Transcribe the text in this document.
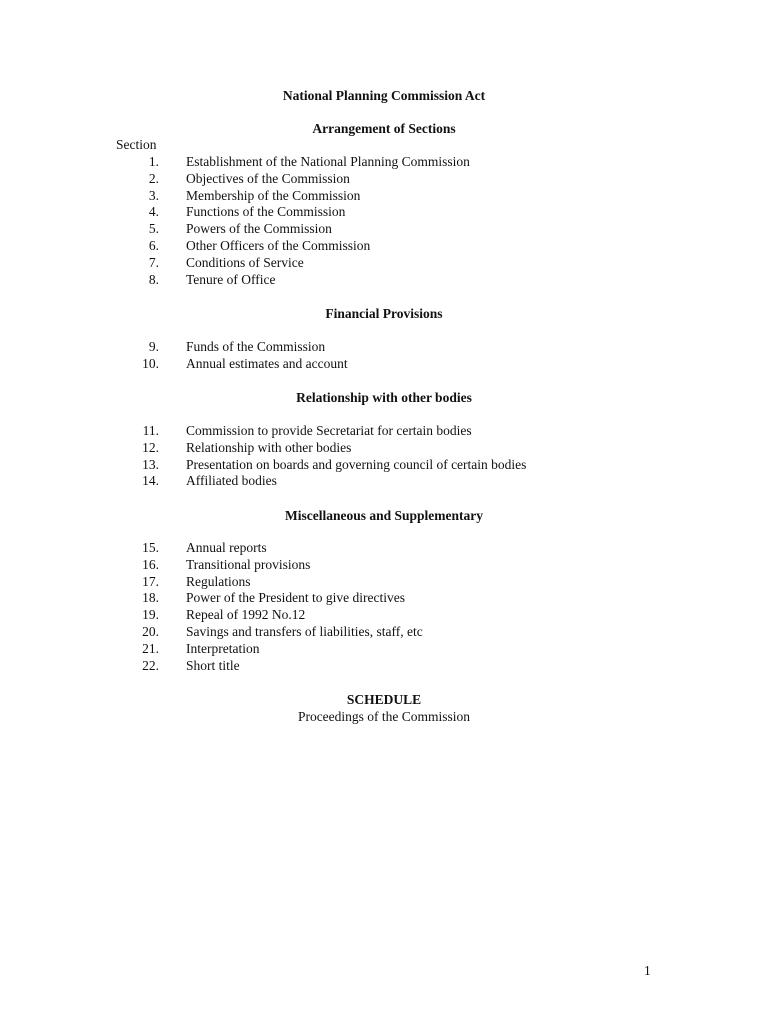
National Planning Commission Act
Arrangement of Sections
Section
1. Establishment of the National Planning Commission
2. Objectives of the Commission
3. Membership of the Commission
4. Functions of the Commission
5. Powers of the Commission
6. Other Officers of the Commission
7. Conditions of Service
8. Tenure of Office
Financial Provisions
9. Funds of the Commission
10. Annual estimates and account
Relationship with other bodies
11. Commission to provide Secretariat for certain bodies
12. Relationship with other bodies
13. Presentation on boards and governing council of certain bodies
14. Affiliated bodies
Miscellaneous and Supplementary
15. Annual reports
16. Transitional provisions
17. Regulations
18. Power of the President to give directives
19. Repeal of 1992 No.12
20. Savings and transfers of liabilities, staff, etc
21. Interpretation
22. Short title
SCHEDULE
Proceedings of the Commission
1
